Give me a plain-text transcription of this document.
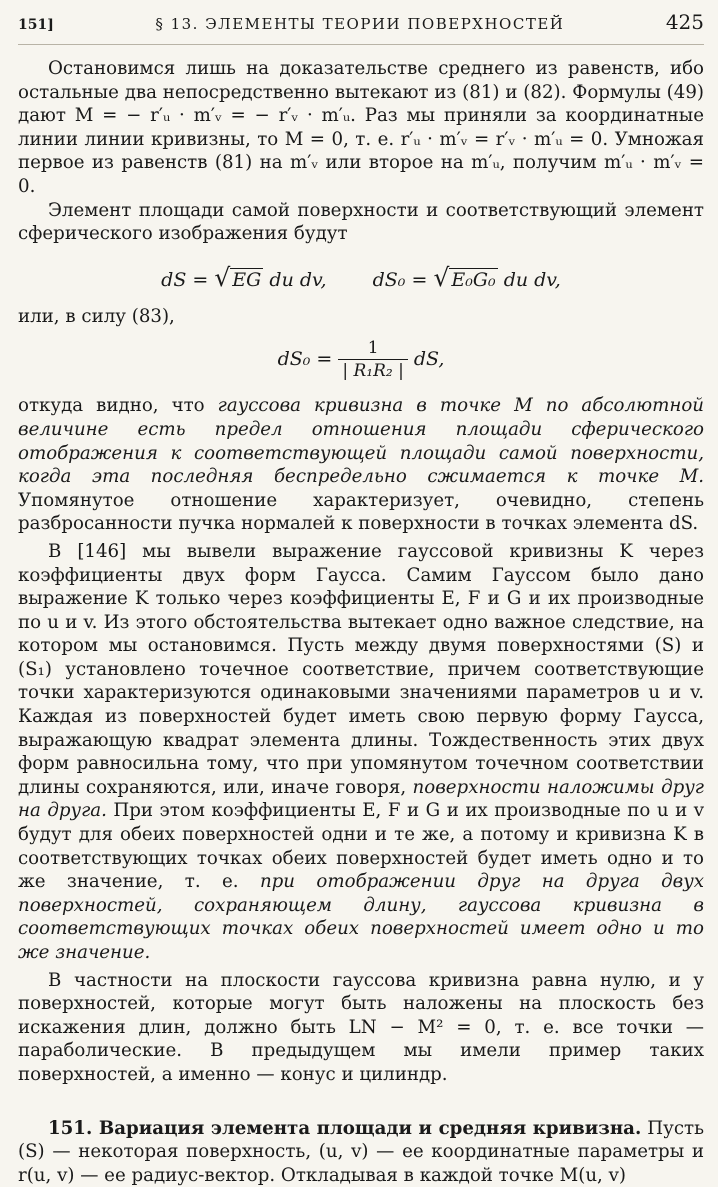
151]	§ 13. ЭЛЕМЕНТЫ ТЕОРИИ ПОВЕРХНОСТЕЙ	425

Остановимся лишь на доказательстве среднего из равенств, ибо остальные два непосредственно вытекают из (81) и (82). Формулы (49) дают M = − r′ᵤ · m′ᵥ = − r′ᵥ · m′ᵤ. Раз мы приняли за координатные линии линии кривизны, то M = 0, т. е. r′ᵤ · m′ᵥ = r′ᵥ · m′ᵤ = 0. Умножая первое из равенств (81) на m′ᵥ или второе на m′ᵤ, получим m′ᵤ · m′ᵥ = 0.

Элемент площади самой поверхности и соответствующий элемент сферического изображения будут

dS = √ EG du dv, dS₀ = √ E₀G₀ du dv,

или, в силу (83),

$dS_0 = \frac{1}{\text{| R₁R₂ |}}$ dS,

откуда видно, что гауссова кривизна в точке M по абсолютной величине есть предел отношения площади сферического отображения к соответствующей площади самой поверхности, когда эта последняя беспредельно сжимается к точке M. Упомянутое отношение характеризует, очевидно, степень разбросанности пучка нормалей к поверхности в точках элемента dS.

В [146] мы вывели выражение гауссовой кривизны K через коэффициенты двух форм Гаусса. Самим Гауссом было дано выражение K только через коэффициенты E, F и G и их производные по u и v. Из этого обстоятельства вытекает одно важное следствие, на котором мы остановимся. Пусть между двумя поверхностями (S) и (S₁) установлено точечное соответствие, причем соответствующие точки характеризуются одинаковыми значениями параметров u и v. Каждая из поверхностей будет иметь свою первую форму Гаусса, выражающую квадрат элемента длины. Тождественность этих двух форм равносильна тому, что при упомянутом точечном соответствии длины сохраняются, или, иначе говоря, поверхности наложимы друг на друга. При этом коэффициенты E, F и G и их производные по u и v будут для обеих поверхностей одни и те же, а потому и кривизна K в соответствующих точках обеих поверхностей будет иметь одно и то же значение, т. е. при отображении друг на друга двух поверхностей, сохраняющем длину, гауссова кривизна в соответствующих точках обеих поверхностей имеет одно и то же значение.

В частности на плоскости гауссова кривизна равна нулю, и у поверхностей, которые могут быть наложены на плоскость без искажения длин, должно быть LN − M² = 0, т. е. все точки — параболические. В предыдущем мы имели пример таких поверхностей, а именно — конус и цилиндр.

151. Вариация элемента площади и средняя кривизна. Пусть (S) — некоторая поверхность, (u, v) — ее координатные параметры и r(u, v) — ее радиус-вектор. Откладывая в каждой точке M(u, v)
